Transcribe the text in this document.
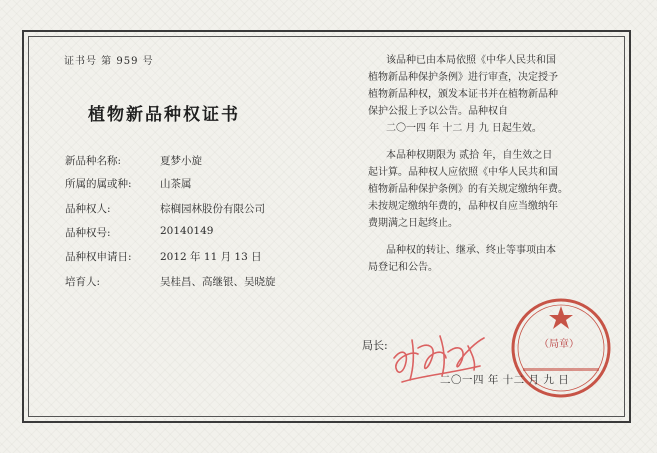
证书号 第 959 号
植物新品种权证书
新品种名称:	夏梦小旋
所属的属或种:	山茶属
品种权人:	棕榈园林股份有限公司
品种权号:	20140149
品种权申请日:	2012 年 11 月 13 日
培育人:	吴桂昌、高继银、吴晓旋
该品种已由本局依照《中华人民共和国
植物新品种保护条例》进行审查，决定授予
植物新品种权，颁发本证书并在植物新品种
保护公报上予以公告。品种权自
二〇一四 年 十二 月 九 日起生效。
本品种权期限为 贰拾 年，自生效之日
起计算。品种权人应依照《中华人民共和国
植物新品种保护条例》的有关规定缴纳年费。
未按规定缴纳年费的，品种权自应当缴纳年
费期满之日起终止。
品种权的转让、继承、终止等事项由本
局登记和公告。
局长:	（局章）
二〇一四 年 十二 月 九 日
